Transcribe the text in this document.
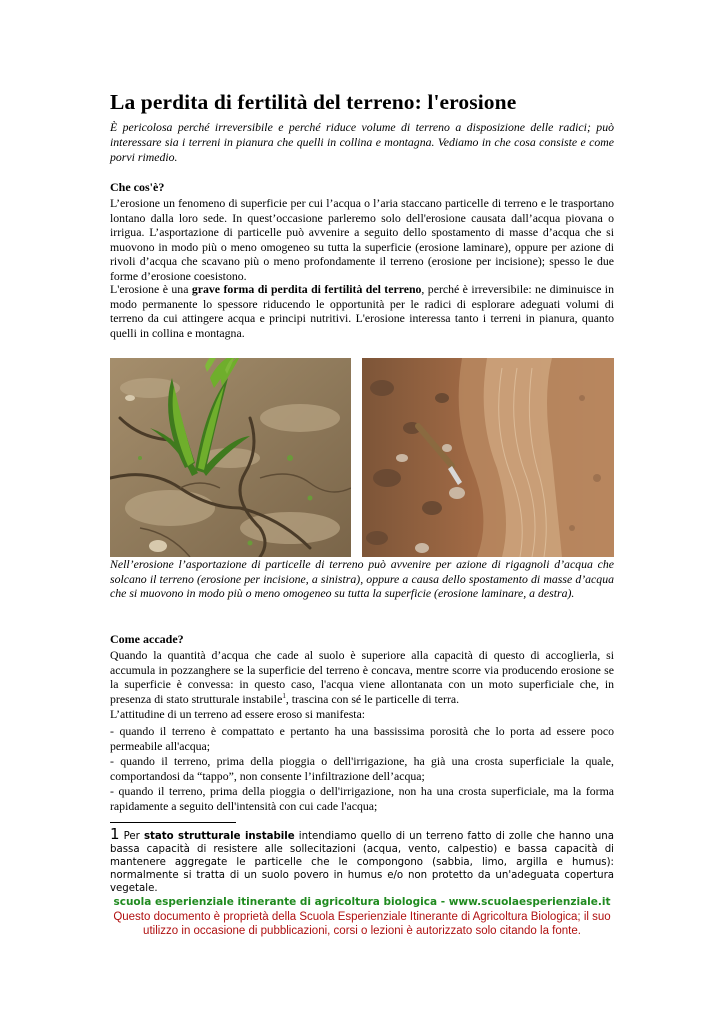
La perdita di fertilità del terreno: l'erosione
È pericolosa perché irreversibile e perché riduce volume di terreno a disposizione delle radici; può interessare sia i terreni in pianura che quelli in collina e montagna. Vediamo in che cosa consiste e come porvi rimedio.
Che cos'è?
L’erosione un fenomeno di superficie per cui l’acqua o l’aria staccano particelle di terreno e le trasportano lontano dalla loro sede. In quest’occasione parleremo solo dell'erosione causata dall’acqua piovana o irrigua. L’asportazione di particelle può avvenire a seguito dello spostamento di masse d’acqua che si muovono in modo più o meno omogeneo su tutta la superficie (erosione laminare), oppure per azione di rivoli d’acqua che scavano più o meno profondamente il terreno (erosione per incisione); spesso le due forme d’erosione coesistono.
L'erosione è una grave forma di perdita di fertilità del terreno, perché è irreversibile: ne diminuisce in modo permanente lo spessore riducendo le opportunità per le radici di esplorare adeguati volumi di terreno da cui attingere acqua e principi nutritivi. L'erosione interessa tanto i terreni in pianura, quanto quelli in collina e montagna.
Nell’erosione l’asportazione di particelle di terreno può avvenire per azione di rigagnoli d’acqua che solcano il terreno (erosione per incisione, a sinistra), oppure a causa dello spostamento di masse d’acqua che si muovono in modo più o meno omogeneo su tutta la superficie (erosione laminare, a destra).
Come accade?
Quando la quantità d’acqua che cade al suolo è superiore alla capacità di questo di accoglierla, si accumula in pozzanghere se la superficie del terreno è concava, mentre scorre via producendo erosione se la superficie è convessa: in questo caso, l'acqua viene allontanata con un moto superficiale che, in presenza di stato strutturale instabile$^1$, trascina con sé le particelle di terra.
L’attitudine di un terreno ad essere eroso si manifesta:
- quando il terreno è compattato e pertanto ha una bassissima porosità che lo porta ad essere poco permeabile all'acqua;
- quando il terreno, prima della pioggia o dell'irrigazione, ha già una crosta superficiale la quale, comportandosi da “tappo”, non consente l’infiltrazione dell’acqua;
- quando il terreno, prima della pioggia o dell'irrigazione, non ha una crosta superficiale, ma la forma rapidamente a seguito dell'intensità con cui cade l'acqua;
1 Per stato strutturale instabile intendiamo quello di un terreno fatto di zolle che hanno una bassa capacità di resistere alle sollecitazioni (acqua, vento, calpestio) e bassa capacità di mantenere aggregate le particelle che le compongono (sabbia, limo, argilla e humus): normalmente si tratta di un suolo povero in humus e/o non protetto da un'adeguata copertura vegetale.
scuola esperienziale itinerante di agricoltura biologica - www.scuolaesperienziale.it
Questo documento è proprietà della Scuola Esperienziale Itinerante di Agricoltura Biologica; il suo utilizzo in occasione di pubblicazioni, corsi o lezioni è autorizzato solo citando la fonte.
